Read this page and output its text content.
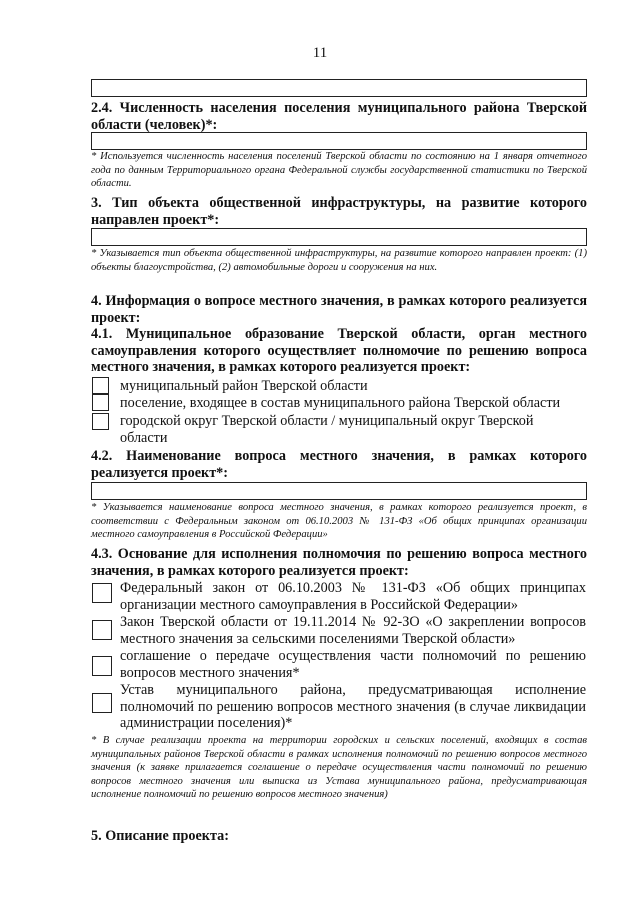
11
2.4. Численность населения поселения муниципального района Тверской области (человек)*:
* Используется численность населения поселений Тверской области по состоянию на 1 января отчетного года по данным Территориального органа Федеральной службы государственной статистики по Тверской области.
3. Тип объекта общественной инфраструктуры, на развитие которого направлен проект*:
* Указывается тип объекта общественной инфраструктуры, на развитие которого направлен проект: (1) объекты благоустройства, (2) автомобильные дороги и сооружения на них.
4. Информация о вопросе местного значения, в рамках которого реализуется проект:
4.1. Муниципальное образование Тверской области, орган местного самоуправления которого осуществляет полномочие по решению вопроса местного значения, в рамках которого реализуется проект:
муниципальный район Тверской области
поселение, входящее в состав муниципального района Тверской области
городской округ Тверской области / муниципальный округ Тверской области
4.2. Наименование вопроса местного значения, в рамках которого реализуется проект*:
* Указывается наименование вопроса местного значения, в рамках которого реализуется проект, в соответствии с Федеральным законом от 06.10.2003 № 131-ФЗ «Об общих принципах организации местного самоуправления в Российской Федерации»
4.3. Основание для исполнения полномочия по решению вопроса местного значения, в рамках которого реализуется проект:
Федеральный закон от 06.10.2003 № 131-ФЗ «Об общих принципах организации местного самоуправления в Российской Федерации»
Закон Тверской области от 19.11.2014 № 92-ЗО «О закреплении вопросов местного значения за сельскими поселениями Тверской области»
соглашение о передаче осуществления части полномочий по решению вопросов местного значения*
Устав муниципального района, предусматривающая исполнение полномочий по решению вопросов местного значения (в случае ликвидации администрации поселения)*
* В случае реализации проекта на территории городских и сельских поселений, входящих в состав муниципальных районов Тверской области в рамках исполнения полномочий по решению вопросов местного значения (к заявке прилагается соглашение о передаче осуществления части полномочий по решению вопросов местного значения или выписка из Устава муниципального района, предусматривающая исполнение полномочий по решению вопросов местного значения)
5. Описание проекта:
